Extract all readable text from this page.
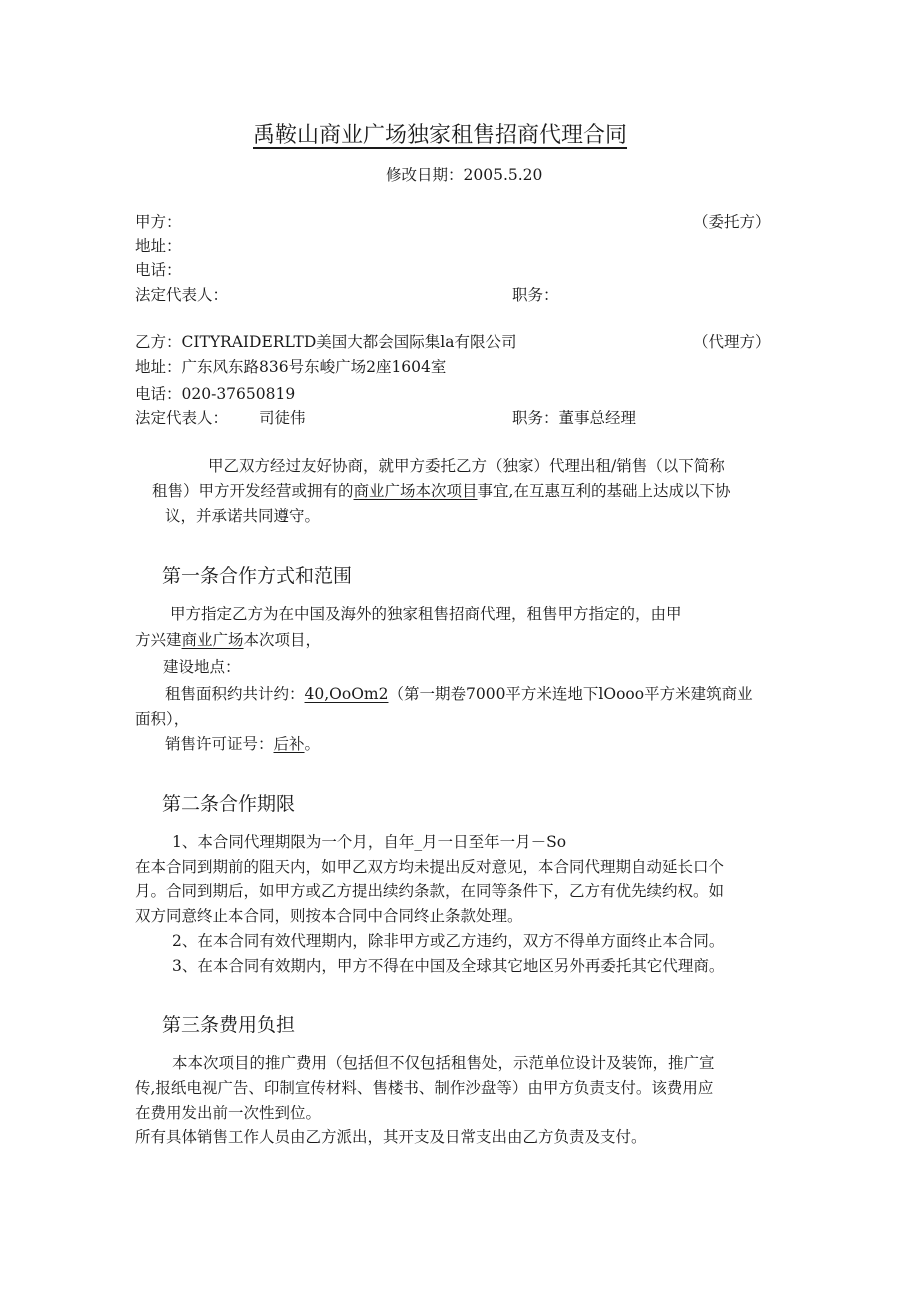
禹鞍山商业广场独家租售招商代理合同
修改日期：2005.5.20
甲方：	（委托方）
地址：
电话：
法定代表人：	职务：
乙方：CITYRAIDERLTD美国大都会国际集la有限公司	（代理方）
地址：广东风东路836号东峻广场2座1604室
电话：020-37650819
法定代表人： 司徒伟	职务：董事总经理
甲乙双方经过友好协商，就甲方委托乙方（独家）代理出租/销售（以下简称
租售）甲方开发经营或拥有的商业广场本次项目事宜,在互惠互利的基础上达成以下协
议，并承诺共同遵守。
第一条合作方式和范围
甲方指定乙方为在中国及海外的独家租售招商代理，租售甲方指定的，由甲
方兴建商业广场本次项目，
建设地点：
租售面积约共计约：40,OoOm2（第一期卷7000平方米连地下lOooo平方米建筑商业
面积），
销售许可证号：后补。
第二条合作期限
1、本合同代理期限为一个月，自年_月一日至年一月－So
在本合同到期前的阻天内，如甲乙双方均未提出反对意见，本合同代理期自动延长口个
月。合同到期后，如甲方或乙方提出续约条款，在同等条件下，乙方有优先续约权。如
双方同意终止本合同，则按本合同中合同终止条款处理。
2、在本合同有效代理期内，除非甲方或乙方违约，双方不得单方面终止本合同。
3、在本合同有效期内，甲方不得在中国及全球其它地区另外再委托其它代理商。
第三条费用负担
本本次项目的推广费用（包括但不仅包括租售处，示范单位设计及装饰，推广宣
传,报纸电视广告、印制宣传材料、售楼书、制作沙盘等）由甲方负责支付。该费用应
在费用发出前一次性到位。
所有具体销售工作人员由乙方派出，其开支及日常支出由乙方负责及支付。
